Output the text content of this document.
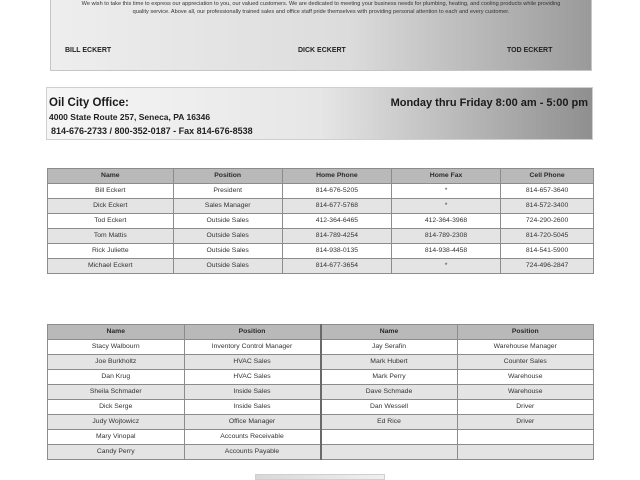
We wish to take this time to express our appreciation to you, our valued customers. We are dedicated to meeting your business needs for plumbing, heating, and cooling products while providing quality service. Above all, our professionally trained sales and office staff pride themselves with providing personal attention to each and every customer.
BILL ECKERT	DICK ECKERT	TOD ECKERT
Oil City Office:	Monday thru Friday 8:00 am - 5:00 pm
4000 State Route 257, Seneca, PA 16346
814-676-2733 / 800-352-0187 - Fax 814-676-8538
Name	Position	Home Phone	Home Fax	Cell Phone
Bill Eckert	President	814-676-5205	*	814-657-3640
Dick Eckert	Sales Manager	814-677-5768	*	814-572-3400
Tod Eckert	Outside Sales	412-364-6465	412-364-3968	724-290-2600
Tom Mattis	Outside Sales	814-789-4254	814-789-2308	814-720-5045
Rick Juliette	Outside Sales	814-938-0135	814-938-4458	814-541-5900
Michael Eckert	Outside Sales	814-677-3654	*	724-496-2847
Name	Position	Name	Position
Stacy Walbourn	Inventory Control Manager	Jay Serafin	Warehouse Manager
Joe Burkholtz	HVAC Sales	Mark Hubert	Counter Sales
Dan Krug	HVAC Sales	Mark Perry	Warehouse
Sheila Schmader	Inside Sales	Dave Schmade	Warehouse
Dick Serge	Inside Sales	Dan Wessell	Driver
Judy Wojtowicz	Office Manager	Ed Rice	Driver
Mary Vinopal	Accounts Receivable		
Candy Perry	Accounts Payable		
